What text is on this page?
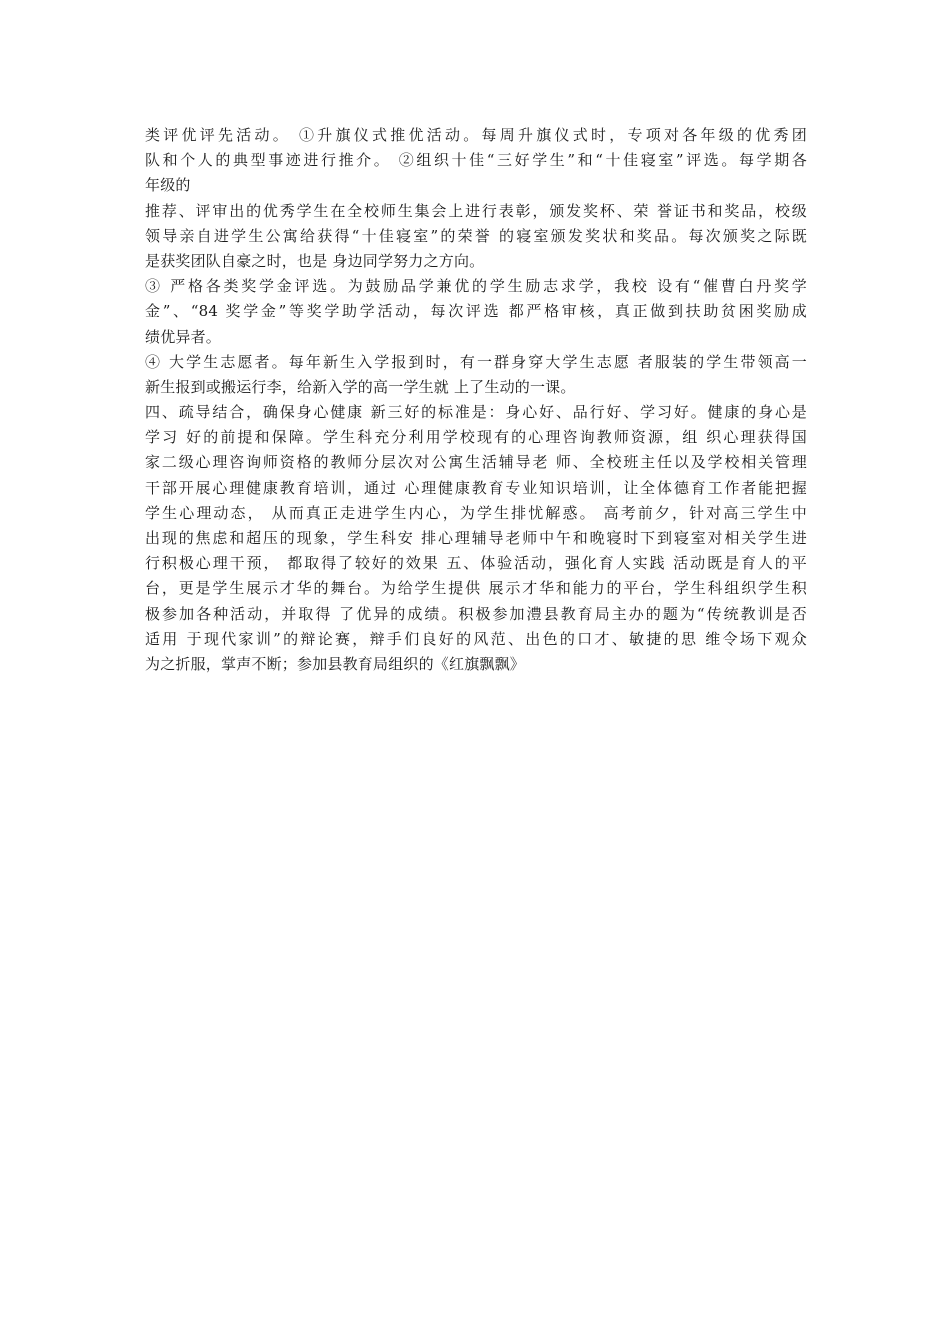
类评优评先活动。 ①升旗仪式推优活动。每周升旗仪式时，专项对各年级的优秀团
队和个人的典型事迹进行推介。 ②组织十佳“三好学生”和“十佳寝室”评选。每学期各
年级的
推荐、评审出的优秀学生在全校师生集会上进行表彰，颁发奖杯、荣 誉证书和奖品，校级
领导亲自进学生公寓给获得“十佳寝室”的荣誉 的寝室颁发奖状和奖品。每次颁奖之际既
是获奖团队自豪之时，也是 身边同学努力之方向。
③ 严格各类奖学金评选。为鼓励品学兼优的学生励志求学，我校 设有“催曹白丹奖学
金”、“84 奖学金”等奖学助学活动，每次评选 都严格审核，真正做到扶助贫困奖励成
绩优异者。
④ 大学生志愿者。每年新生入学报到时，有一群身穿大学生志愿 者服装的学生带领高一
新生报到或搬运行李，给新入学的高一学生就 上了生动的一课。
四、疏导结合，确保身心健康 新三好的标准是：身心好、品行好、学习好。健康的身心是
学习 好的前提和保障。学生科充分利用学校现有的心理咨询教师资源，组 织心理获得国
家二级心理咨询师资格的教师分层次对公寓生活辅导老 师、全校班主任以及学校相关管理
干部开展心理健康教育培训，通过 心理健康教育专业知识培训，让全体德育工作者能把握
学生心理动态， 从而真正走进学生内心，为学生排忧解惑。 高考前夕，针对高三学生中
出现的焦虑和超压的现象，学生科安 排心理辅导老师中午和晚寝时下到寝室对相关学生进
行积极心理干预， 都取得了较好的效果 五、体验活动，强化育人实践 活动既是育人的平
台，更是学生展示才华的舞台。为给学生提供 展示才华和能力的平台，学生科组织学生积
极参加各种活动，并取得 了优异的成绩。积极参加澧县教育局主办的题为“传统教训是否
适用 于现代家训”的辩论赛，辩手们良好的风范、出色的口才、敏捷的思 维令场下观众
为之折服，掌声不断；参加县教育局组织的《红旗飘飘》
